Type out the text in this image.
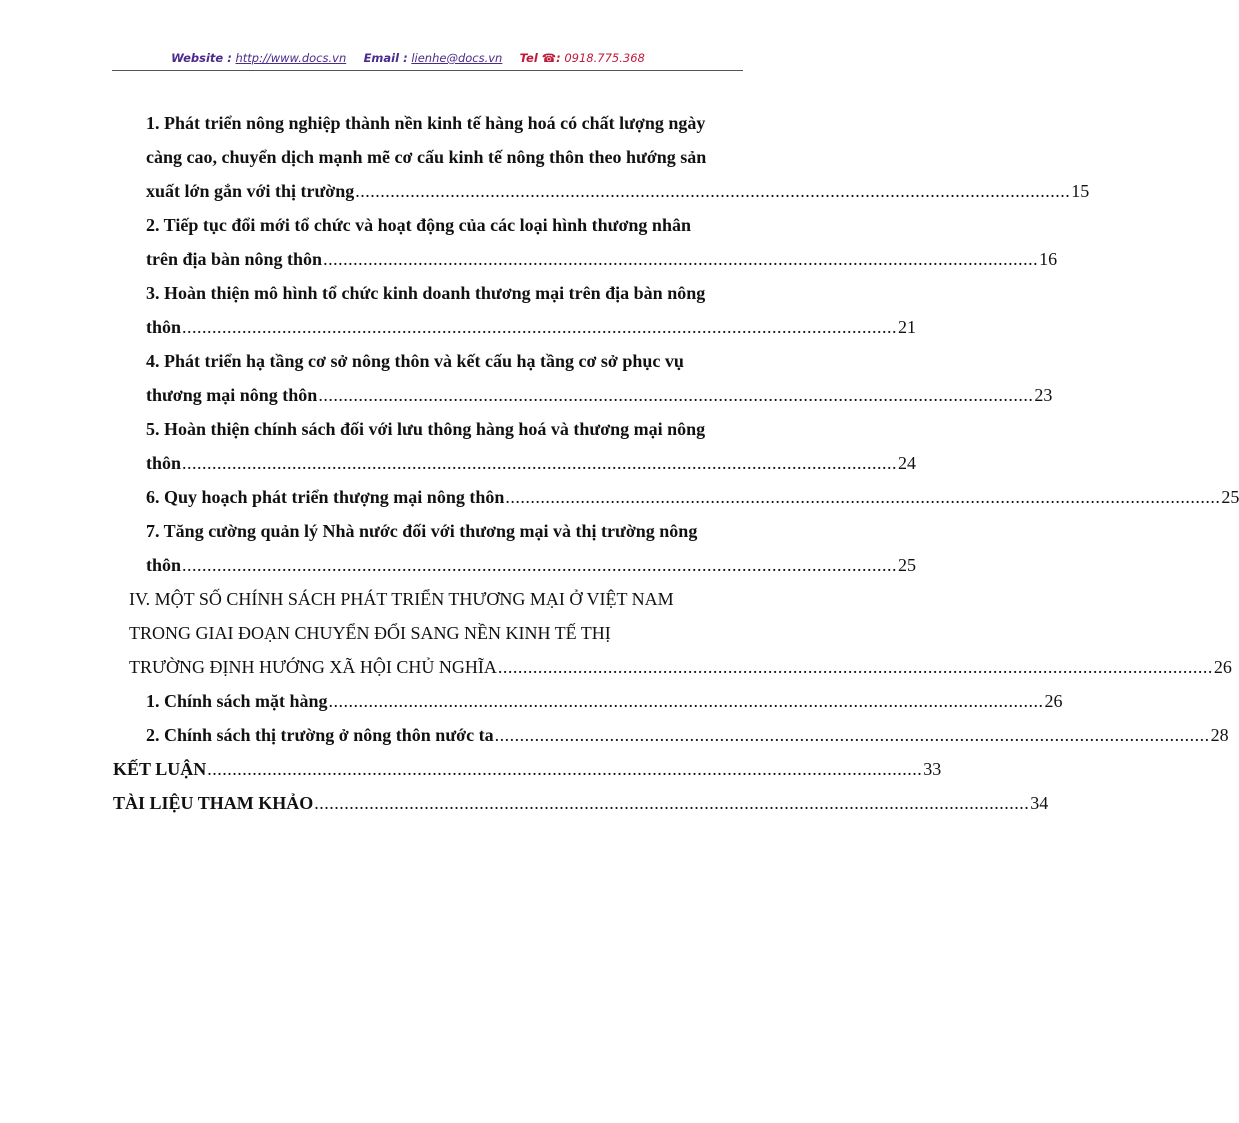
Website : http://www.docs.vn Email : lienhe@docs.vn Tel ☎: 0918.775.368
1. Phát triển nông nghiệp thành nền kinh tế hàng hoá có chất lượng ngày
càng cao, chuyển dịch mạnh mẽ cơ cấu kinh tế nông thôn theo hướng sản
xuất lớn gắn với thị trường ............................................................................................................................................... 15
2. Tiếp tục đổi mới tổ chức và hoạt động của các loại hình thương nhân
trên địa bàn nông thôn ............................................................................................................................................... 16
3. Hoàn thiện mô hình tổ chức kinh doanh thương mại trên địa bàn nông
thôn ............................................................................................................................................... 21
4. Phát triển hạ tầng cơ sở nông thôn và kết cấu hạ tầng cơ sở phục vụ
thương mại nông thôn ............................................................................................................................................... 23
5. Hoàn thiện chính sách đối với lưu thông hàng hoá và thương mại nông
thôn ............................................................................................................................................... 24
6. Quy hoạch phát triển thượng mại nông thôn ............................................................................................................................................... 25
7. Tăng cường quản lý Nhà nước đối với thương mại và thị trường nông
thôn ............................................................................................................................................... 25
IV. MỘT SỐ CHÍNH SÁCH PHÁT TRIỂN THƯƠNG MẠI Ở VIỆT NAM
TRONG GIAI ĐOẠN CHUYỂN ĐỔI SANG NỀN KINH TẾ THỊ
TRƯỜNG ĐỊNH HƯỚNG XÃ HỘI CHỦ NGHĨA ............................................................................................................................................... 26
1. Chính sách mặt hàng ............................................................................................................................................... 26
2. Chính sách thị trường ở nông thôn nước ta ............................................................................................................................................... 28
KẾT LUẬN ............................................................................................................................................... 33
TÀI LIỆU THAM KHẢO ............................................................................................................................................... 34
